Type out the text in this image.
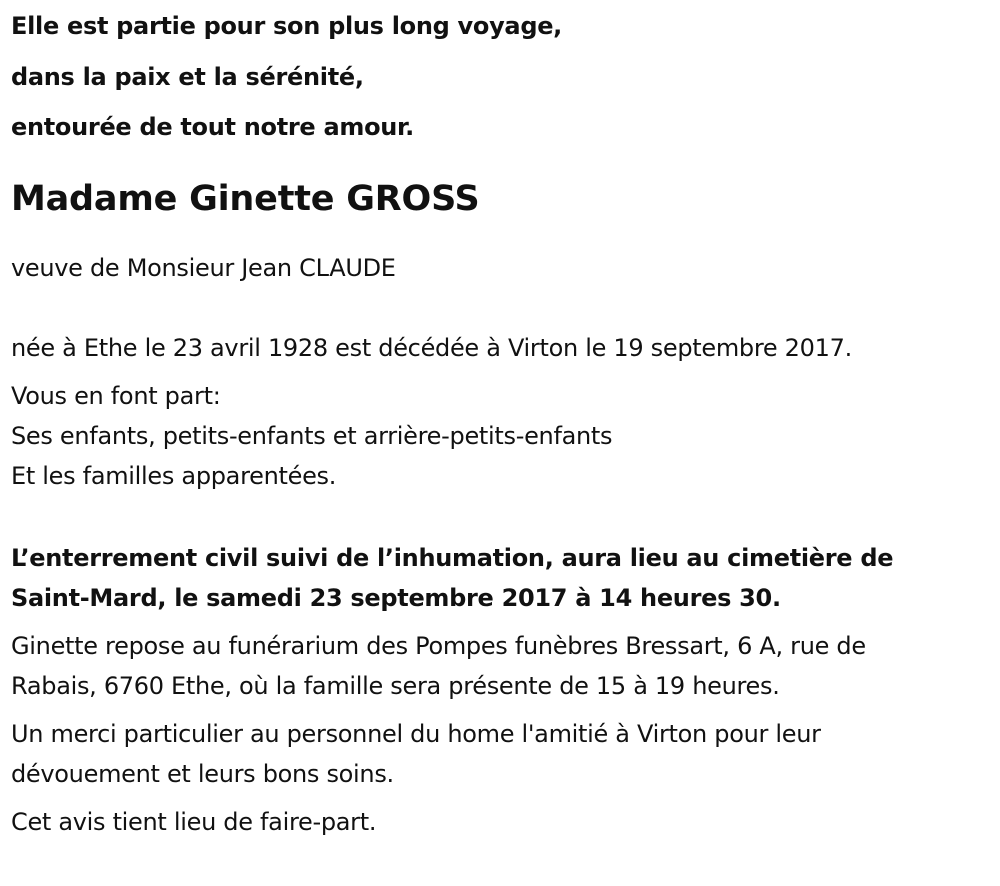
Elle est partie pour son plus long voyage,
dans la paix et la sérénité,
entourée de tout notre amour.
Madame Ginette GROSS
veuve de Monsieur Jean CLAUDE
née à Ethe le 23 avril 1928 est décédée à Virton le 19 septembre 2017.
Vous en font part:
Ses enfants, petits-enfants et arrière-petits-enfants
Et les familles apparentées.
L’enterrement civil suivi de l’inhumation, aura lieu au cimetière de
Saint-Mard, le samedi 23 septembre 2017 à 14 heures 30.
Ginette repose au funérarium des Pompes funèbres Bressart, 6 A, rue de
Rabais, 6760 Ethe, où la famille sera présente de 15 à 19 heures.
Un merci particulier au personnel du home l'amitié à Virton pour leur
dévouement et leurs bons soins.
Cet avis tient lieu de faire-part.
